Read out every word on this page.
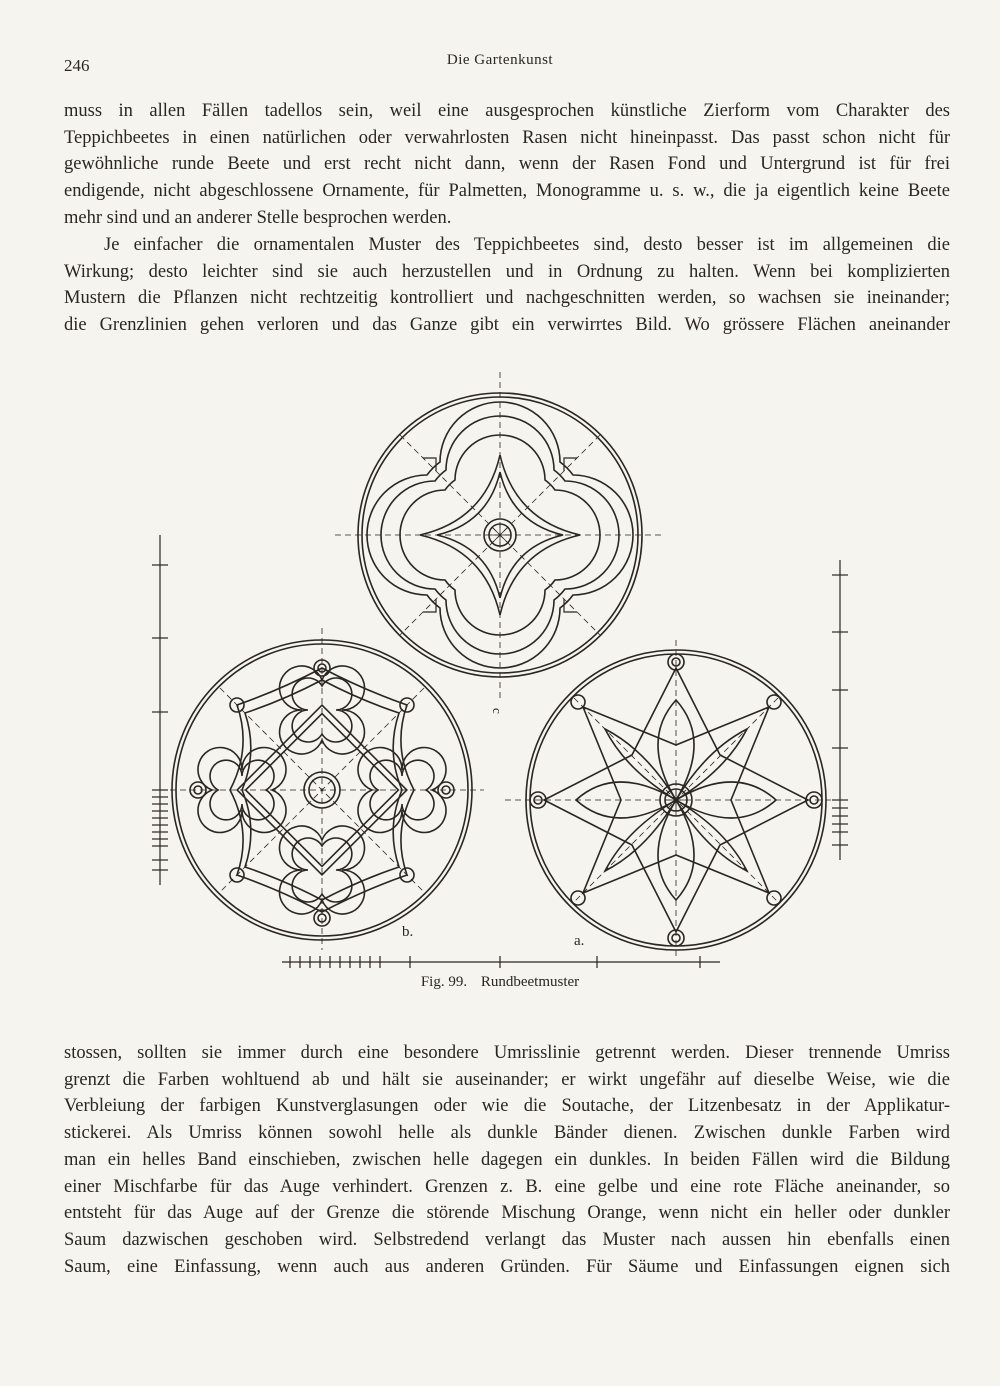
246	Die Gartenkunst
muss in allen Fällen tadellos sein, weil eine ausgesprochen künstliche Zierform vom Charakter des
Teppichbeetes in einen natürlichen oder verwahrlosten Rasen nicht hineinpasst. Das passt schon nicht für
gewöhnliche runde Beete und erst recht nicht dann, wenn der Rasen Fond und Untergrund ist für frei
endigende, nicht abgeschlossene Ornamente, für Palmetten, Monogramme u. s. w., die ja eigentlich keine Beete
mehr sind und an anderer Stelle besprochen werden.
Je einfacher die ornamentalen Muster des Teppichbeetes sind, desto besser ist im allgemeinen die
Wirkung; desto leichter sind sie auch herzustellen und in Ordnung zu halten. Wenn bei komplizierten
Mustern die Pflanzen nicht rechtzeitig kontrolliert und nachgeschnitten werden, so wachsen sie ineinander;
die Grenzlinien gehen verloren und das Ganze gibt ein verwirrtes Bild. Wo grössere Flächen aneinander
c
b.
a.
Fig. 99. Rundbeetmuster
stossen, sollten sie immer durch eine besondere Umrisslinie getrennt werden. Dieser trennende Umriss
grenzt die Farben wohltuend ab und hält sie auseinander; er wirkt ungefähr auf dieselbe Weise, wie die
Verbleiung der farbigen Kunstverglasungen oder wie die Soutache, der Litzenbesatz in der Applikatur-
stickerei. Als Umriss können sowohl helle als dunkle Bänder dienen. Zwischen dunkle Farben wird
man ein helles Band einschieben, zwischen helle dagegen ein dunkles. In beiden Fällen wird die Bildung
einer Mischfarbe für das Auge verhindert. Grenzen z. B. eine gelbe und eine rote Fläche aneinander, so
entsteht für das Auge auf der Grenze die störende Mischung Orange, wenn nicht ein heller oder dunkler
Saum dazwischen geschoben wird. Selbstredend verlangt das Muster nach aussen hin ebenfalls einen
Saum, eine Einfassung, wenn auch aus anderen Gründen. Für Säume und Einfassungen eignen sich
